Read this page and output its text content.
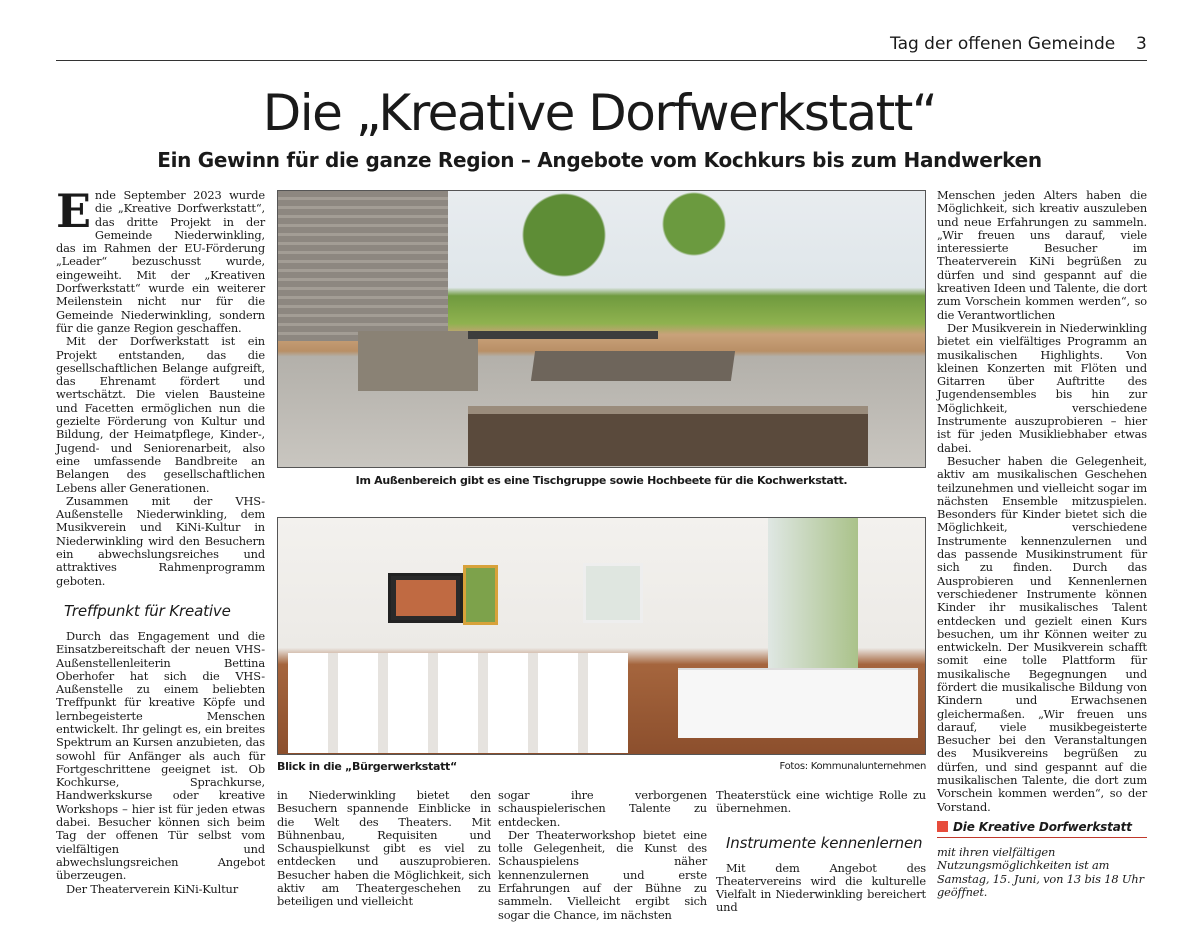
Tag der offenen Gemeinde 3
Die „Kreative Dorfwerkstatt“
Ein Gewinn für die ganze Region – Angebote vom Kochkurs bis zum Handwerken

Ende September 2023 wurde die „Kreative Dorfwerkstatt“, das dritte Projekt in der Gemeinde Niederwinkling, das im Rahmen der EU-Förderung „Leader“ bezuschusst wurde, eingeweiht. Mit der „Kreativen Dorfwerkstatt“ wurde ein weiterer Meilenstein nicht nur für die Gemeinde Niederwinkling, sondern für die ganze Region geschaffen.

Mit der Dorfwerkstatt ist ein Projekt entstanden, das die gesellschaftlichen Belange aufgreift, das Ehrenamt fördert und wertschätzt. Die vielen Bausteine und Facetten ermöglichen nun die gezielte Förderung von Kultur und Bildung, der Heimatpflege, Kinder-, Jugend- und Seniorenarbeit, also eine umfassende Bandbreite an Belangen des gesellschaftlichen Lebens aller Generationen.

Zusammen mit der VHS-Außenstelle Niederwinkling, dem Musikverein und KiNi-Kultur in Niederwinkling wird den Besuchern ein abwechslungsreiches und attraktives Rahmenprogramm geboten.

Treffpunkt für Kreative

Durch das Engagement und die Einsatzbereitschaft der neuen VHS-Außenstellenleiterin Bettina Oberhofer hat sich die VHS-Außenstelle zu einem beliebten Treffpunkt für kreative Köpfe und lernbegeisterte Menschen entwickelt. Ihr gelingt es, ein breites Spektrum an Kursen anzubieten, das sowohl für Anfänger als auch für Fortgeschrittene geeignet ist. Ob Kochkurse, Sprachkurse, Handwerkskurse oder kreative Workshops – hier ist für jeden etwas dabei. Besucher können sich beim Tag der offenen Tür selbst vom vielfältigen und abwechslungsreichen Angebot überzeugen.

Der Theaterverein KiNi-Kultur

Im Außenbereich gibt es eine Tischgruppe sowie Hochbeete für die Kochwerkstatt.
Blick in die „Bürgerwerkstatt“	Fotos: Kommunalunternehmen

in Niederwinkling bietet den Besuchern spannende Einblicke in die Welt des Theaters. Mit Bühnenbau, Requisiten und Schauspielkunst gibt es viel zu entdecken und auszuprobieren. Besucher haben die Möglichkeit, sich aktiv am Theatergeschehen zu beteiligen und vielleicht

sogar ihre verborgenen schauspielerischen Talente zu entdecken.

Der Theaterworkshop bietet eine tolle Gelegenheit, die Kunst des Schauspielens näher kennenzulernen und erste Erfahrungen auf der Bühne zu sammeln. Vielleicht ergibt sich sogar die Chance, im nächsten

Theaterstück eine wichtige Rolle zu übernehmen.

Instrumente kennenlernen

Mit dem Angebot des Theatervereins wird die kulturelle Vielfalt in Niederwinkling bereichert und

Menschen jeden Alters haben die Möglichkeit, sich kreativ auszuleben und neue Erfahrungen zu sammeln. „Wir freuen uns darauf, viele interessierte Besucher im Theaterverein KiNi begrüßen zu dürfen und sind gespannt auf die kreativen Ideen und Talente, die dort zum Vorschein kommen werden“, so die Verantwortlichen

Der Musikverein in Niederwinkling bietet ein vielfältiges Programm an musikalischen Highlights. Von kleinen Konzerten mit Flöten und Gitarren über Auftritte des Jugendensembles bis hin zur Möglichkeit, verschiedene Instrumente auszuprobieren – hier ist für jeden Musikliebhaber etwas dabei.

Besucher haben die Gelegenheit, aktiv am musikalischen Geschehen teilzunehmen und vielleicht sogar im nächsten Ensemble mitzuspielen. Besonders für Kinder bietet sich die Möglichkeit, verschiedene Instrumente kennenzulernen und das passende Musikinstrument für sich zu finden. Durch das Ausprobieren und Kennenlernen verschiedener Instrumente können Kinder ihr musikalisches Talent entdecken und gezielt einen Kurs besuchen, um ihr Können weiter zu entwickeln. Der Musikverein schafft somit eine tolle Plattform für musikalische Begegnungen und fördert die musikalische Bildung von Kindern und Erwachsenen gleichermaßen. „Wir freuen uns darauf, viele musikbegeisterte Besucher bei den Veranstaltungen des Musikvereins begrüßen zu dürfen, und sind gespannt auf die musikalischen Talente, die dort zum Vorschein kommen werden“, so der Vorstand.

Die Kreative Dorfwerkstatt
mit ihren vielfältigen Nutzungsmöglichkeiten ist am Samstag, 15. Juni, von 13 bis 18 Uhr geöffnet.
